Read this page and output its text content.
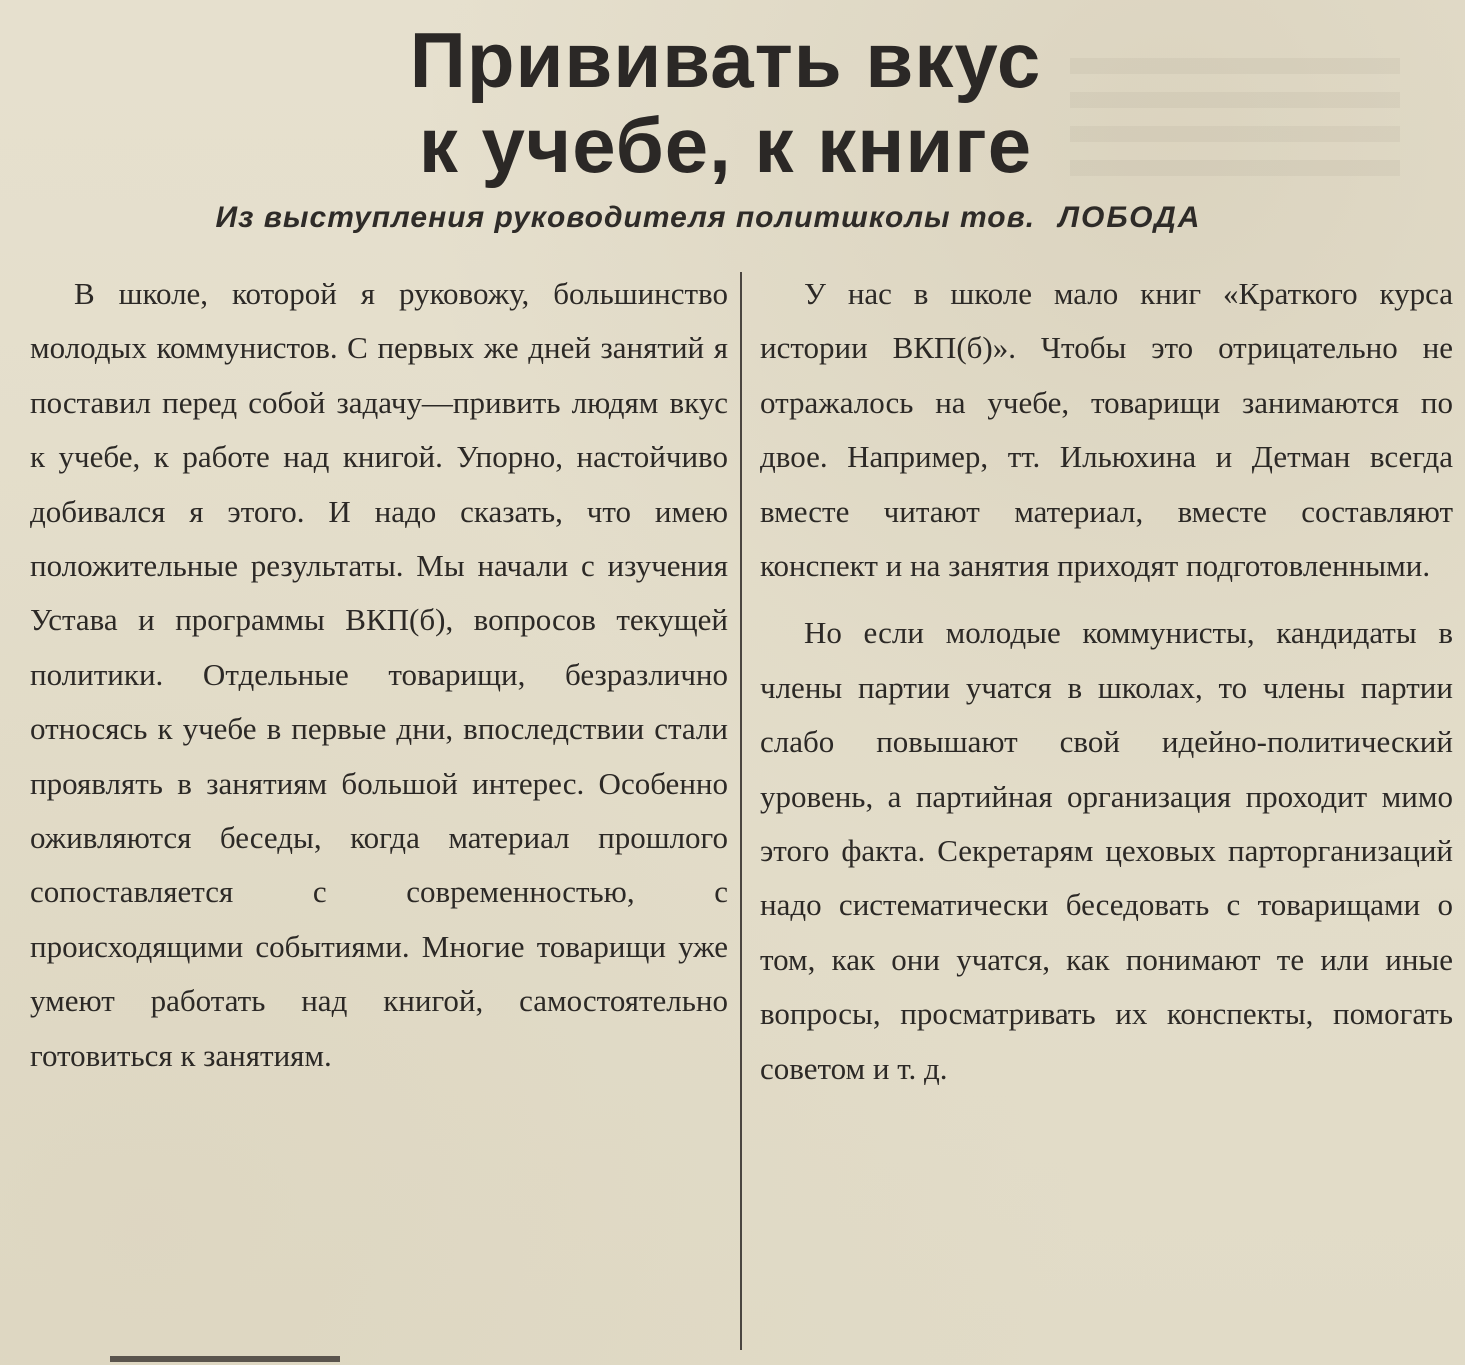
Прививать вкус
к учебе, к книге
Из выступления руководителя политшколы тов. ЛОБОДА

В школе, которой я руковожу, большинство молодых коммунистов. С первых же дней занятий я поставил перед собой задачу—привить людям вкус к учебе, к работе над книгой. Упорно, настойчиво добивался я этого. И надо сказать, что имею положительные результаты. Мы начали с изучения Устава и программы ВКП(б), вопросов текущей политики. Отдельные товарищи, безразлично относясь к учебе в первые дни, впоследствии стали проявлять в занятиям большой интерес. Особенно оживляются беседы, когда материал прошлого сопоставляется с современностью, с происходящими событиями. Многие товарищи уже умеют работать над книгой, самостоятельно готовиться к занятиям.

У нас в школе мало книг «Краткого курса истории ВКП(б)». Чтобы это отрицательно не отражалось на учебе, товарищи занимаются по двое. Например, тт. Ильюхина и Детман всегда вместе читают материал, вместе составляют конспект и на занятия приходят подготовленными.

Но если молодые коммунисты, кандидаты в члены партии учатся в школах, то члены партии слабо повышают свой идейно-политический уровень, а партийная организация проходит мимо этого факта. Секретарям цеховых парторганизаций надо систематически беседовать с товарищами о том, как они учатся, как понимают те или иные вопросы, просматривать их конспекты, помогать советом и т. д.
